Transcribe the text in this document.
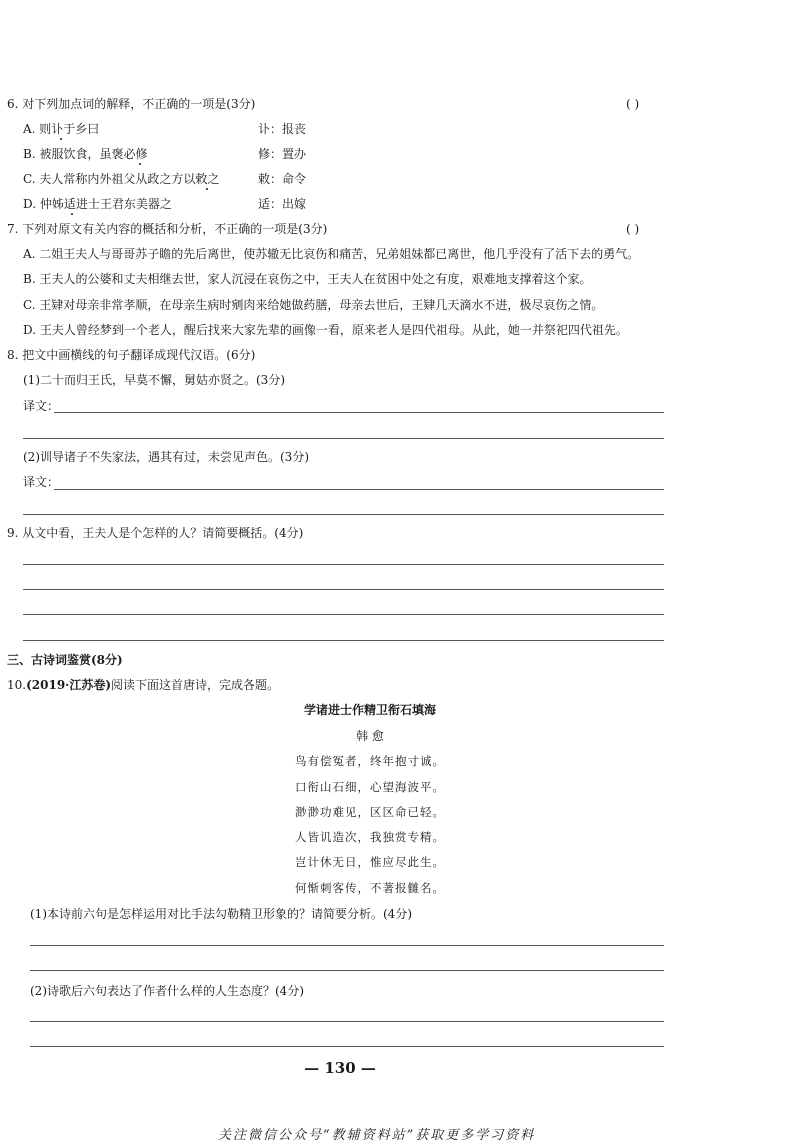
6. 对下列加点词的解释，不正确的一项是(3分)	( )
A. 则讣于乡曰	讣：报丧
B. 被服饮食，虽褒必修	修：置办
C. 夫人常称内外祖父从政之方以敕之	敕：命令
D. 仲姊适进士王君东美器之	适：出嫁
7. 下列对原文有关内容的概括和分析，不正确的一项是(3分)	( )
A. 二姐王夫人与哥哥苏子瞻的先后离世，使苏辙无比哀伤和痛苦，兄弟姐妹都已离世，他几乎没有了活下去的勇气。
B. 王夫人的公婆和丈夫相继去世，家人沉浸在哀伤之中，王夫人在贫困中处之有度，艰难地支撑着这个家。
C. 王肄对母亲非常孝顺，在母亲生病时剜肉来给她做药膳，母亲去世后，王肄几天滴水不进，极尽哀伤之情。
D. 王夫人曾经梦到一个老人，醒后找来大家先辈的画像一看，原来老人是四代祖母。从此，她一并祭祀四代祖先。
8. 把文中画横线的句子翻译成现代汉语。(6分)
(1)二十而归王氏，早莫不懈，舅姑亦贤之。(3分)
译文：
(2)训导诸子不失家法，遇其有过，未尝见声色。(3分)
译文：
9. 从文中看，王夫人是个怎样的人？请简要概括。(4分)
三、古诗词鉴赏(8分)
10.(2019·江苏卷)阅读下面这首唐诗，完成各题。
学诸进士作精卫衔石填海
韩 愈
鸟有偿冤者，终年抱寸诚。
口衔山石细，心望海波平。
渺渺功难见，区区命已轻。
人皆讥造次，我独赏专精。
岂计休无日，惟应尽此生。
何惭刺客传，不著报雠名。
(1)本诗前六句是怎样运用对比手法勾勒精卫形象的？请简要分析。(4分)
(2)诗歌后六句表达了作者什么样的人生态度？(4分)
— 130 —
关注微信公众号“教辅资料站”获取更多学习资料
